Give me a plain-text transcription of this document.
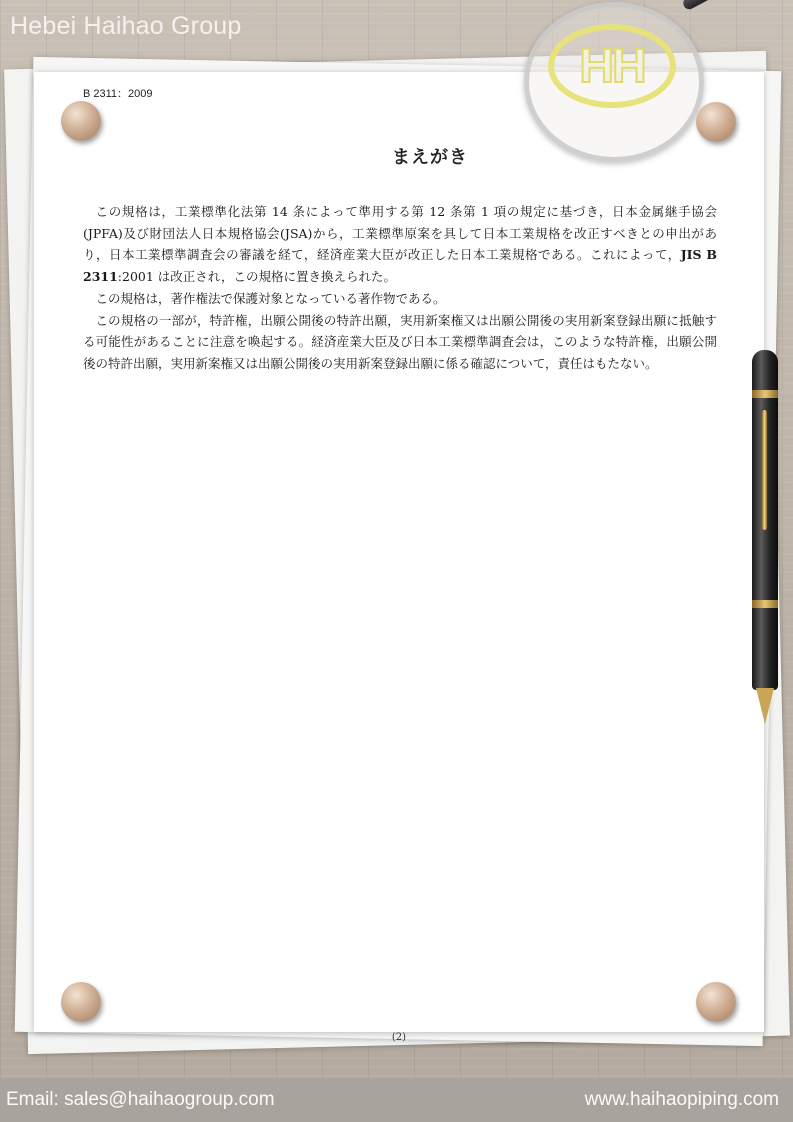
Hebei Haihao Group
HH
B 2311：2009
まえがき

この規格は，工業標準化法第 14 条によって準用する第 12 条第 1 項の規定に基づき，日本金属継手協会(JPFA)及び財団法人日本規格協会(JSA)から，工業標準原案を具して日本工業規格を改正すべきとの申出があり，日本工業標準調査会の審議を経て，経済産業大臣が改正した日本工業規格である。これによって，JIS B 2311:2001 は改正され，この規格に置き換えられた。

この規格は，著作権法で保護対象となっている著作物である。

この規格の一部が，特許権，出願公開後の特許出願，実用新案権又は出願公開後の実用新案登録出願に抵触する可能性があることに注意を喚起する。経済産業大臣及び日本工業標準調査会は，このような特許権，出願公開後の特許出願，実用新案権又は出願公開後の実用新案登録出願に係る確認について，責任はもたない。

(2)
Email: sales@haihaogroup.com	www.haihaopiping.com
